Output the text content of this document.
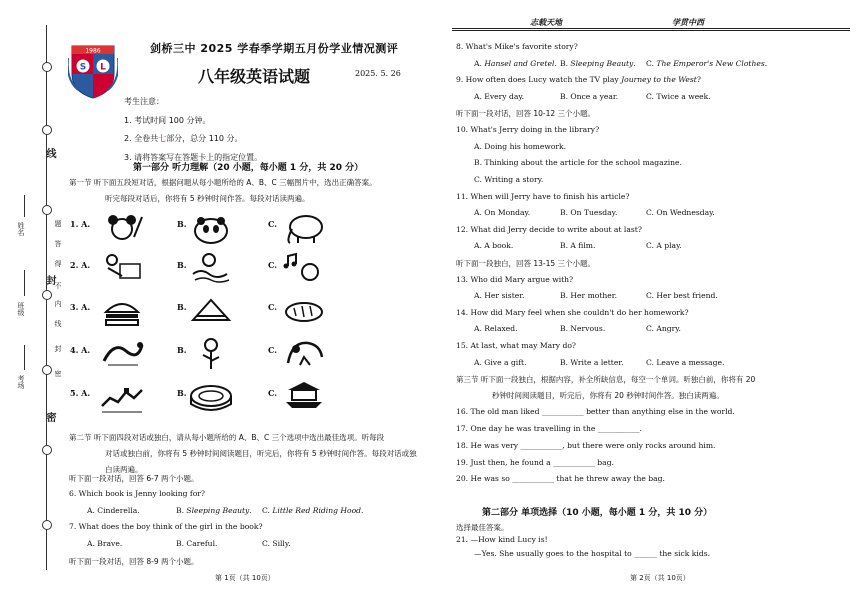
线
封
密
题
答
得
不
内
线
封
密
姓名
班级
考场
1986
S L
剑桥三中 2025 学春季学期五月份学业情况测评
八年级英语试题	2025. 5. 26
考生注意：
1. 考试时间 100 分钟。
2. 全卷共七部分，总分 110 分。
3. 请将答案写在答题卡上的指定位置。
第一部分 听力理解（20 小题，每小题 1 分，共 20 分）
第一节 听下面五段短对话，根据问题从每小题所给的 A、B、C 三幅图片中，选出正确答案。
听完每段对话后，你将有 5 秒钟时间作答。每段对话读两遍。
1. A.	B.	C.
2. A.	B.	C.
3. A.	B.	C.
4. A.	B.	C.
5. A.	B.	C.
第二节 听下面四段对话或独白，请从每小题所给的 A、B、C 三个选项中选出最佳选项。听每段
对话或独白前，你将有 5 秒钟时间阅读题目，听完后，你将有 5 秒钟时间作答。每段对话或独
白读两遍。
听下面一段对话，回答 6-7 两个小题。
6. Which book is Jenny looking for?
A. Cinderella.	B. Sleeping Beauty. C. Little Red Riding Hood.
7. What does the boy think of the girl in the book?
A. Brave.	B. Careful.	C. Silly.
听下面一段对话，回答 8-9 两个小题。
第 1页（共 10页）
志载天地	学贯中西
8. What's Mike's favorite story?
A. Hansel and Gretel. B. Sleeping Beauty. C. The Emperor's New Clothes.
9. How often does Lucy watch the TV play Journey to the West?
A. Every day.	B. Once a year.	C. Twice a week.
听下面一段对话，回答 10-12 三个小题。
10. What's Jerry doing in the library?
A. Doing his homework.
B. Thinking about the article for the school magazine.
C. Writing a story.
11. When will Jerry have to finish his article?
A. On Monday.	B. On Tuesday.	C. On Wednesday.
12. What did Jerry decide to write about at last?
A. A book.	B. A film.	C. A play.
听下面一段独白，回答 13-15 三个小题。
13. Who did Mary argue with?
A. Her sister.	B. Her mother.	C. Her best friend.
14. How did Mary feel when she couldn't do her homework?
A. Relaxed.	B. Nervous.	C. Angry.
15. At last, what may Mary do?
A. Give a gift.	B. Write a letter.	C. Leave a message.
第三节 听下面一段独白，根据内容，补全所缺信息，每空一个单词。听独白前，你将有 20
秒钟时间阅读题目，听完后，你将有 20 秒钟时间作答。独白读两遍。
16. The old man liked ___________ better than anything else in the world.
17. One day he was travelling in the ___________.
18. He was very ___________, but there were only rocks around him.
19. Just then, he found a ___________ bag.
20. He was so ___________ that he threw away the bag.
第二部分 单项选择（10 小题，每小题 1 分，共 10 分）
选择最佳答案。
21. —How kind Lucy is!
—Yes. She usually goes to the hospital to ______ the sick kids.
第 2页（共 10页）
